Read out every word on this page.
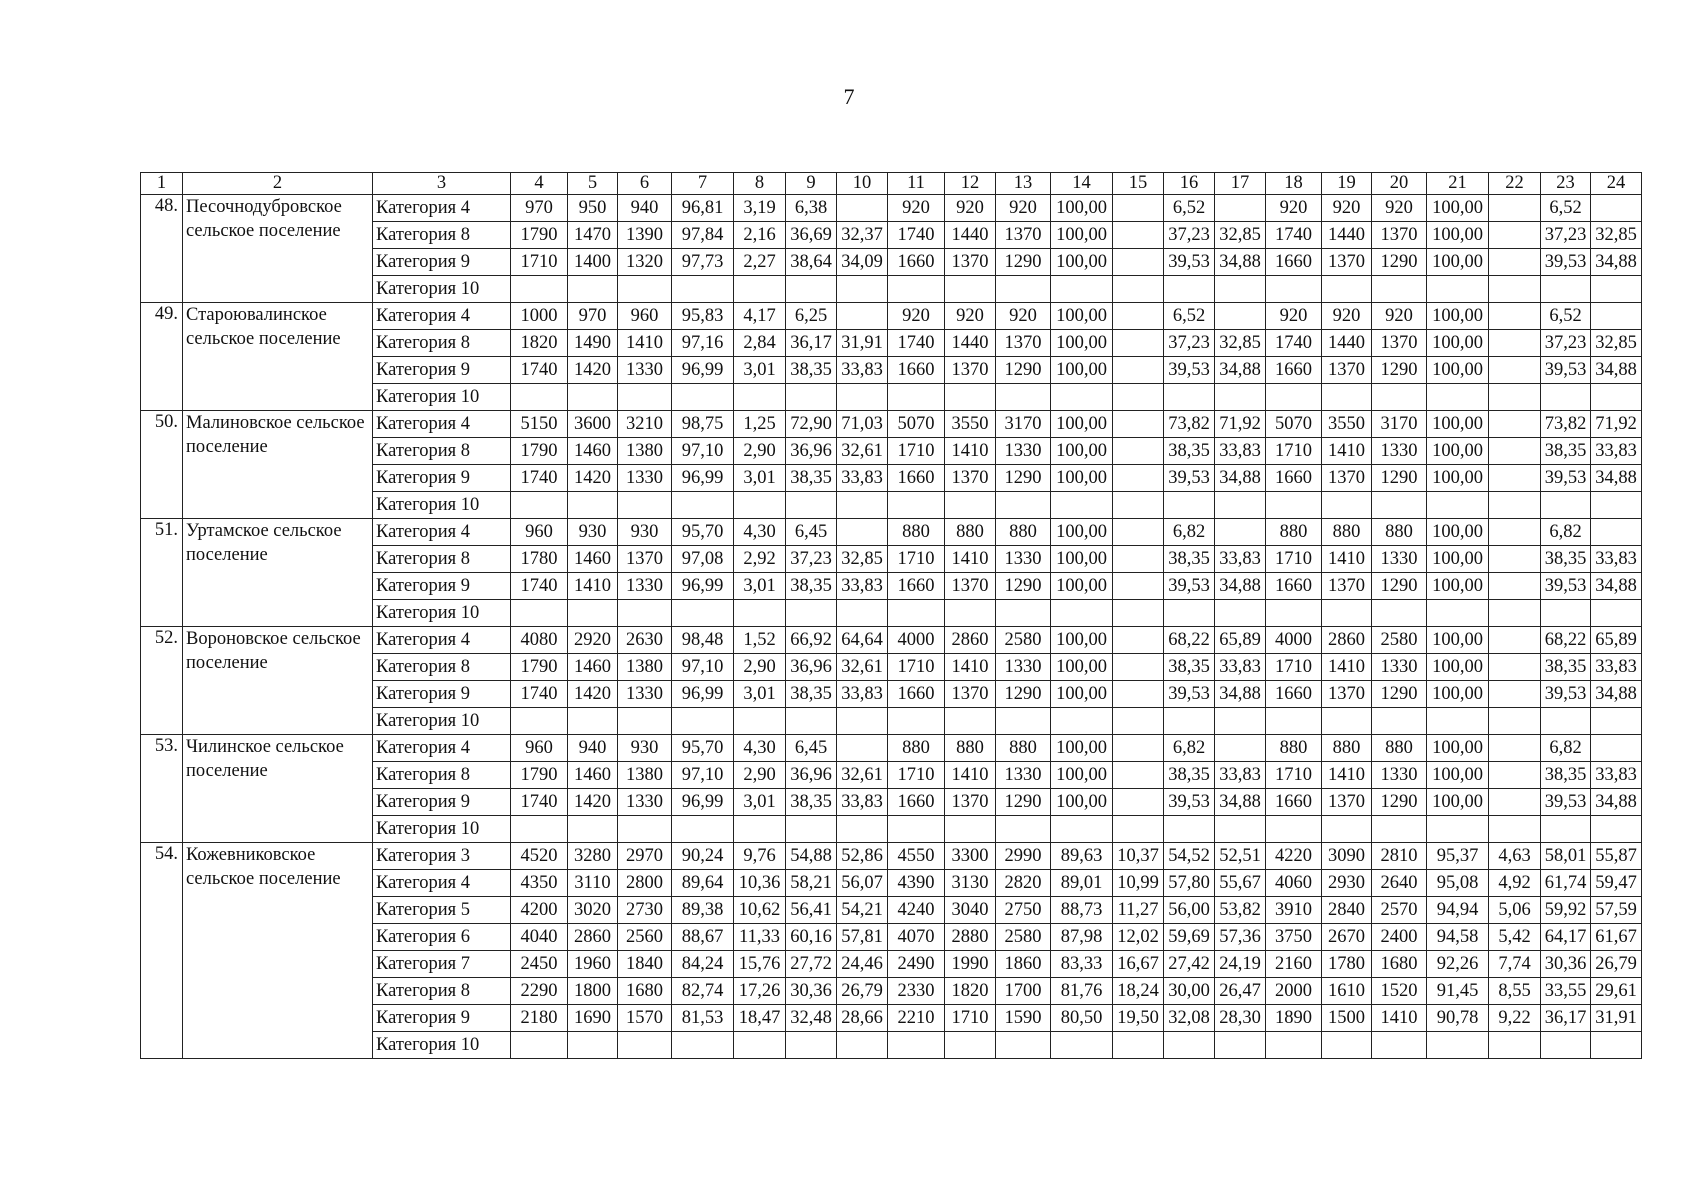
7
1	2	3	4	5	6	7	8	9	10	11	12	13	14	15	16	17	18	19	20	21	22	23	24
48.	Песочнодубровское сельское поселение	Категория 4	970	950	940	96,81	3,19	6,38		920	920	920	100,00		6,52		920	920	920	100,00		6,52	
		Категория 8	1790	1470	1390	97,84	2,16	36,69	32,37	1740	1440	1370	100,00		37,23	32,85	1740	1440	1370	100,00		37,23	32,85
		Категория 9	1710	1400	1320	97,73	2,27	38,64	34,09	1660	1370	1290	100,00		39,53	34,88	1660	1370	1290	100,00		39,53	34,88
		Категория 10																					
49.	Староювалинское сельское поселение	Категория 4	1000	970	960	95,83	4,17	6,25		920	920	920	100,00		6,52		920	920	920	100,00		6,52	
		Категория 8	1820	1490	1410	97,16	2,84	36,17	31,91	1740	1440	1370	100,00		37,23	32,85	1740	1440	1370	100,00		37,23	32,85
		Категория 9	1740	1420	1330	96,99	3,01	38,35	33,83	1660	1370	1290	100,00		39,53	34,88	1660	1370	1290	100,00		39,53	34,88
		Категория 10																					
50.	Малиновское сельское поселение	Категория 4	5150	3600	3210	98,75	1,25	72,90	71,03	5070	3550	3170	100,00		73,82	71,92	5070	3550	3170	100,00		73,82	71,92
		Категория 8	1790	1460	1380	97,10	2,90	36,96	32,61	1710	1410	1330	100,00		38,35	33,83	1710	1410	1330	100,00		38,35	33,83
		Категория 9	1740	1420	1330	96,99	3,01	38,35	33,83	1660	1370	1290	100,00		39,53	34,88	1660	1370	1290	100,00		39,53	34,88
		Категория 10																					
51.	Уртамское сельское поселение	Категория 4	960	930	930	95,70	4,30	6,45		880	880	880	100,00		6,82		880	880	880	100,00		6,82	
		Категория 8	1780	1460	1370	97,08	2,92	37,23	32,85	1710	1410	1330	100,00		38,35	33,83	1710	1410	1330	100,00		38,35	33,83
		Категория 9	1740	1410	1330	96,99	3,01	38,35	33,83	1660	1370	1290	100,00		39,53	34,88	1660	1370	1290	100,00		39,53	34,88
		Категория 10																					
52.	Вороновское сельское поселение	Категория 4	4080	2920	2630	98,48	1,52	66,92	64,64	4000	2860	2580	100,00		68,22	65,89	4000	2860	2580	100,00		68,22	65,89
		Категория 8	1790	1460	1380	97,10	2,90	36,96	32,61	1710	1410	1330	100,00		38,35	33,83	1710	1410	1330	100,00		38,35	33,83
		Категория 9	1740	1420	1330	96,99	3,01	38,35	33,83	1660	1370	1290	100,00		39,53	34,88	1660	1370	1290	100,00		39,53	34,88
		Категория 10																					
53.	Чилинское сельское поселение	Категория 4	960	940	930	95,70	4,30	6,45		880	880	880	100,00		6,82		880	880	880	100,00		6,82	
		Категория 8	1790	1460	1380	97,10	2,90	36,96	32,61	1710	1410	1330	100,00		38,35	33,83	1710	1410	1330	100,00		38,35	33,83
		Категория 9	1740	1420	1330	96,99	3,01	38,35	33,83	1660	1370	1290	100,00		39,53	34,88	1660	1370	1290	100,00		39,53	34,88
		Категория 10																					
54.	Кожевниковское сельское поселение	Категория 3	4520	3280	2970	90,24	9,76	54,88	52,86	4550	3300	2990	89,63	10,37	54,52	52,51	4220	3090	2810	95,37	4,63	58,01	55,87
		Категория 4	4350	3110	2800	89,64	10,36	58,21	56,07	4390	3130	2820	89,01	10,99	57,80	55,67	4060	2930	2640	95,08	4,92	61,74	59,47
		Категория 5	4200	3020	2730	89,38	10,62	56,41	54,21	4240	3040	2750	88,73	11,27	56,00	53,82	3910	2840	2570	94,94	5,06	59,92	57,59
		Категория 6	4040	2860	2560	88,67	11,33	60,16	57,81	4070	2880	2580	87,98	12,02	59,69	57,36	3750	2670	2400	94,58	5,42	64,17	61,67
		Категория 7	2450	1960	1840	84,24	15,76	27,72	24,46	2490	1990	1860	83,33	16,67	27,42	24,19	2160	1780	1680	92,26	7,74	30,36	26,79
		Категория 8	2290	1800	1680	82,74	17,26	30,36	26,79	2330	1820	1700	81,76	18,24	30,00	26,47	2000	1610	1520	91,45	8,55	33,55	29,61
		Категория 9	2180	1690	1570	81,53	18,47	32,48	28,66	2210	1710	1590	80,50	19,50	32,08	28,30	1890	1500	1410	90,78	9,22	36,17	31,91
		Категория 10																					
